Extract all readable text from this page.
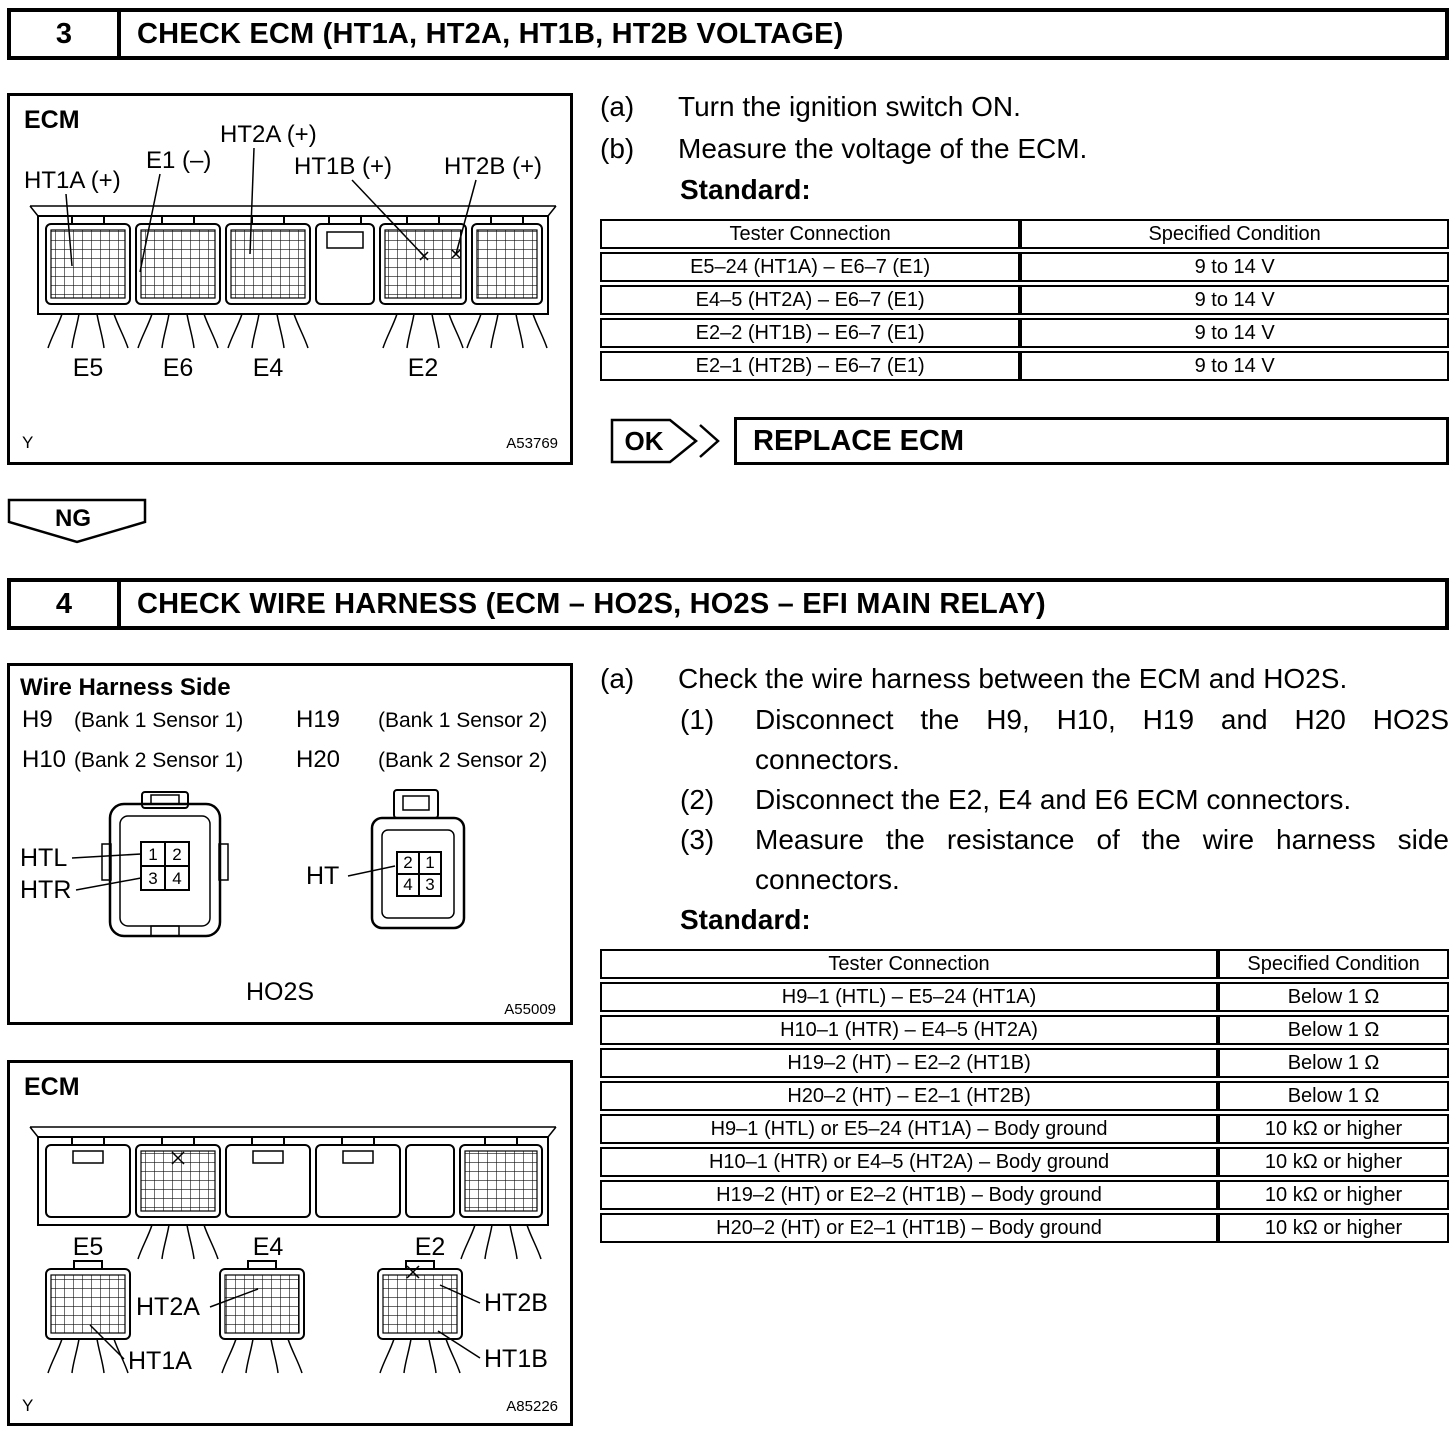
3	CHECK ECM (HT1A, HT2A, HT1B, HT2B VOLTAGE)
ECM
HT2A (+)
E1 (–)
HT1A (+)
HT1B (+) HT2B (+)
E5 E6 E4	E2
Y	A53769
(a)	Turn the ignition switch ON.
(b)	Measure the voltage of the ECM.
Standard:
Tester Connection	Specified Condition
E5–24 (HT1A) – E6–7 (E1)	9 to 14 V
E4–5 (HT2A) – E6–7 (E1)	9 to 14 V
E2–2 (HT1B) – E6–7 (E1)	9 to 14 V
E2–1 (HT2B) – E6–7 (E1)	9 to 14 V
OK	REPLACE ECM
NG
4	CHECK WIRE HARNESS (ECM – HO2S, HO2S – EFI MAIN RELAY)
Wire Harness Side
H9	(Bank 1 Sensor 1)	H19	(Bank 1 Sensor 2)
H10 (Bank 2 Sensor 1)	H20	(Bank 2 Sensor 2)
1 2
3 4
HTL
HTR
2 1
4 3
HT
HO2S
A55009
ECM
E5	E4	E2
HT2A	HT2B
HT1A	HT1B
Y	A85226
(a)	Check the wire harness between the ECM and HO2S.
(1)	Disconnect the H9, H10, H19 and H20 HO2S connectors.
(2)	Disconnect the E2, E4 and E6 ECM connectors.
(3)	Measure the resistance of the wire harness side connectors.
Standard:
Tester Connection	Specified Condition
H9–1 (HTL) – E5–24 (HT1A)	Below 1 Ω
H10–1 (HTR) – E4–5 (HT2A)	Below 1 Ω
H19–2 (HT) – E2–2 (HT1B)	Below 1 Ω
H20–2 (HT) – E2–1 (HT2B)	Below 1 Ω
H9–1 (HTL) or E5–24 (HT1A) – Body ground	10 kΩ or higher
H10–1 (HTR) or E4–5 (HT2A) – Body ground	10 kΩ or higher
H19–2 (HT) or E2–2 (HT1B) – Body ground	10 kΩ or higher
H20–2 (HT) or E2–1 (HT1B) – Body ground	10 kΩ or higher
